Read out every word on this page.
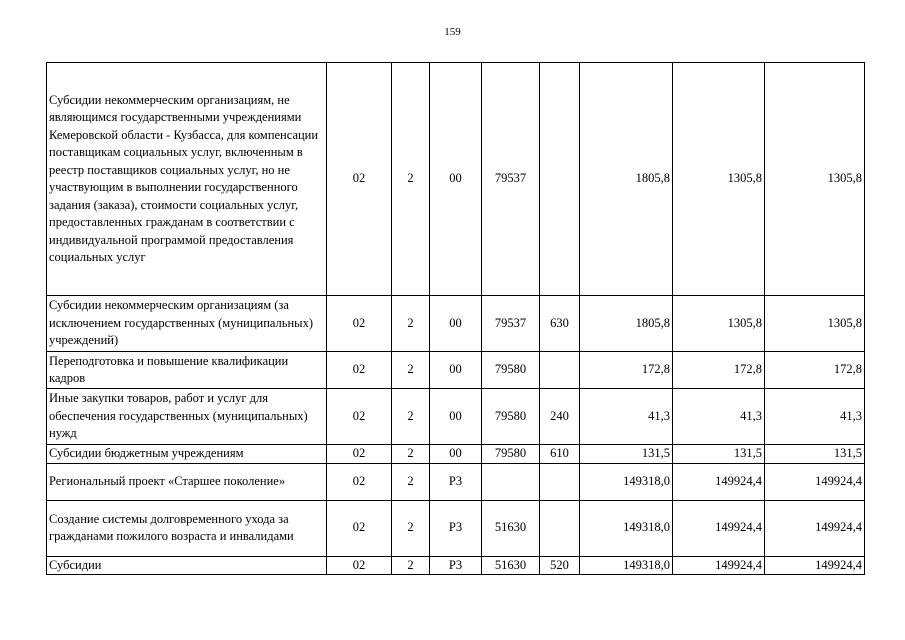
159
Субсидии некоммерческим организациям, не являющимся государственными учреждениями Кемеровской области - Кузбасса, для компенсации поставщикам социальных услуг, включенным в реестр поставщиков социальных услуг, но не участвующим в выполнении государственного задания (заказа), стоимости социальных услуг, предоставленных гражданам в соответствии с индивидуальной программой предоставления социальных услуг	02	2	00	79537		1805,8	1305,8	1305,8
Субсидии некоммерческим организациям (за исключением государственных (муниципальных) учреждений)	02	2	00	79537	630	1805,8	1305,8	1305,8
Переподготовка и повышение квалификации кадров	02	2	00	79580		172,8	172,8	172,8
Иные закупки товаров, работ и услуг для обеспечения государственных (муниципальных) нужд	02	2	00	79580	240	41,3	41,3	41,3
Субсидии бюджетным учреждениям	02	2	00	79580	610	131,5	131,5	131,5
Региональный проект «Старшее поколение»	02	2	P3			149318,0	149924,4	149924,4
Создание системы долговременного ухода за гражданами пожилого возраста и инвалидами	02	2	P3	51630		149318,0	149924,4	149924,4
Субсидии	02	2	P3	51630	520	149318,0	149924,4	149924,4
